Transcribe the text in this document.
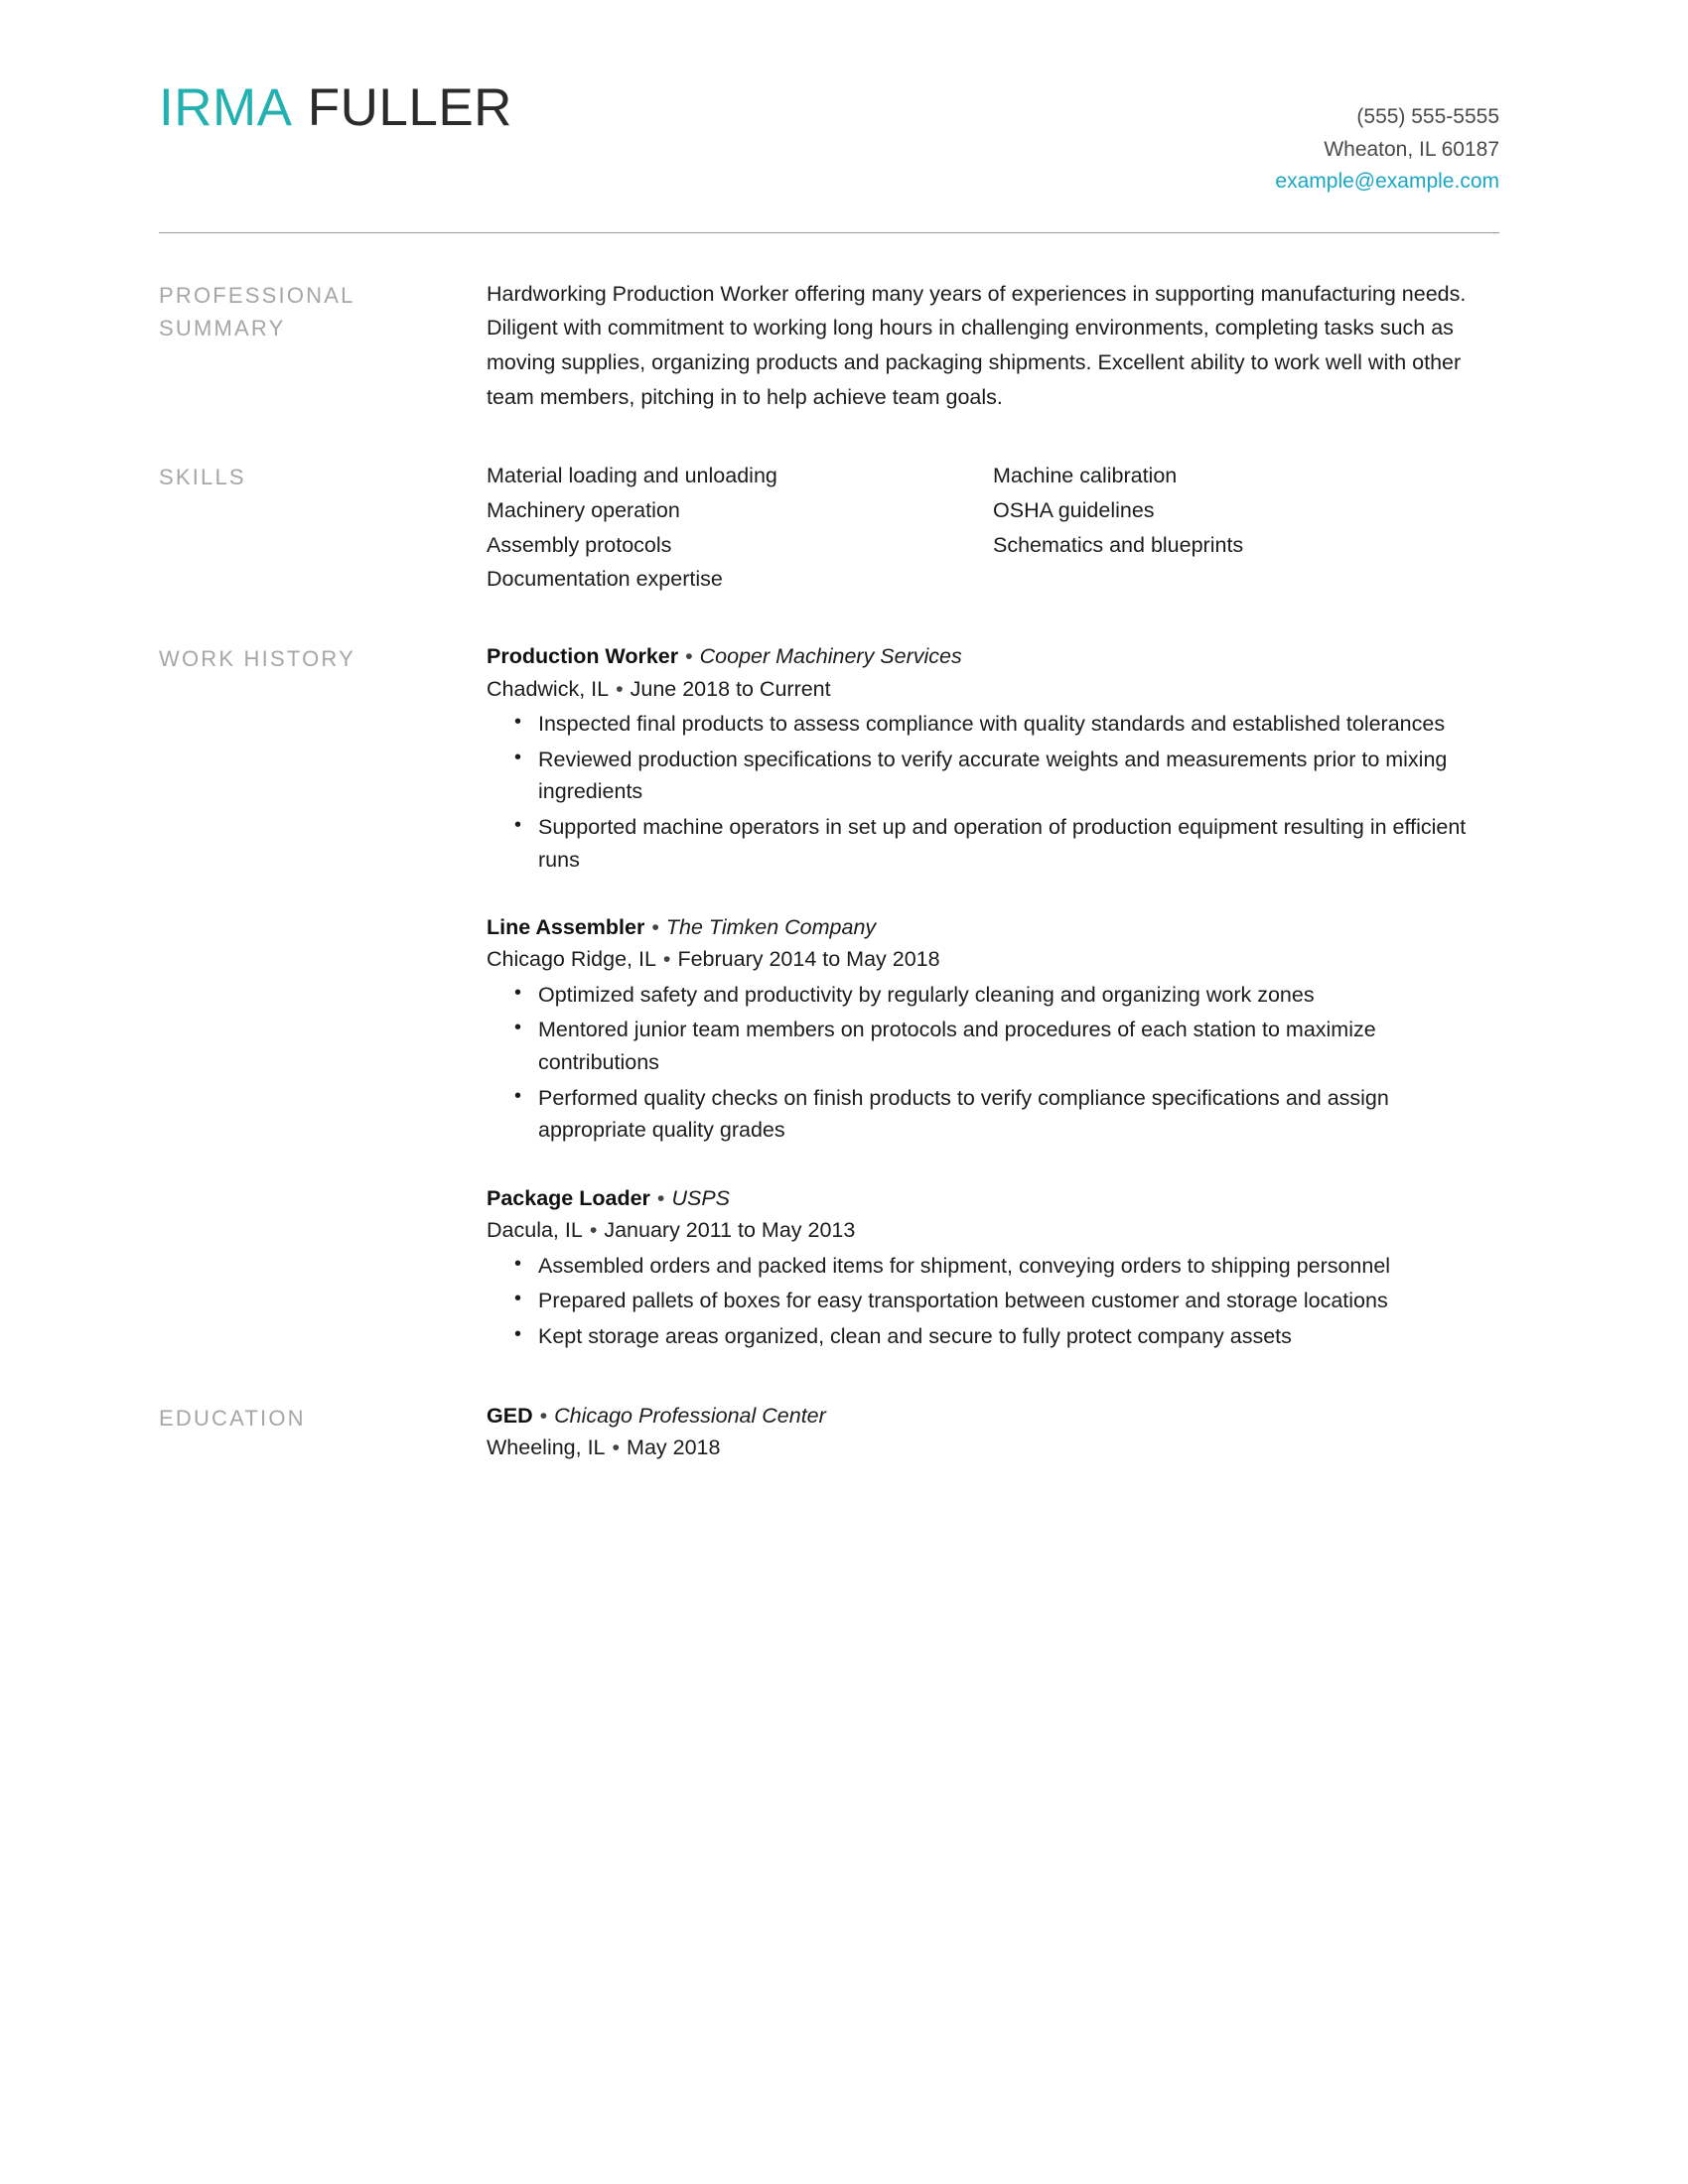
IRMA FULLER	(555) 555-5555
Wheaton, IL 60187
example@example.com
PROFESSIONAL SUMMARY
Hardworking Production Worker offering many years of experiences in supporting manufacturing needs. Diligent with commitment to working long hours in challenging environments, completing tasks such as moving supplies, organizing products and packaging shipments. Excellent ability to work well with other team members, pitching in to help achieve team goals.
SKILLS	Material loading and unloading
Machinery operation
Assembly protocols
Documentation expertise
Machine calibration
OSHA guidelines
Schematics and blueprints
WORK HISTORY	Production Worker • Cooper Machinery Services
Chadwick, IL • June 2018 to Current
• Inspected final products to assess compliance with quality standards and established tolerances
• Reviewed production specifications to verify accurate weights and measurements prior to mixing ingredients
• Supported machine operators in set up and operation of production equipment resulting in efficient runs
Line Assembler • The Timken Company
Chicago Ridge, IL • February 2014 to May 2018
• Optimized safety and productivity by regularly cleaning and organizing work zones
• Mentored junior team members on protocols and procedures of each station to maximize contributions
• Performed quality checks on finish products to verify compliance specifications and assign appropriate quality grades
Package Loader • USPS
Dacula, IL • January 2011 to May 2013
• Assembled orders and packed items for shipment, conveying orders to shipping personnel
• Prepared pallets of boxes for easy transportation between customer and storage locations
• Kept storage areas organized, clean and secure to fully protect company assets
EDUCATION	GED • Chicago Professional Center
Wheeling, IL • May 2018
